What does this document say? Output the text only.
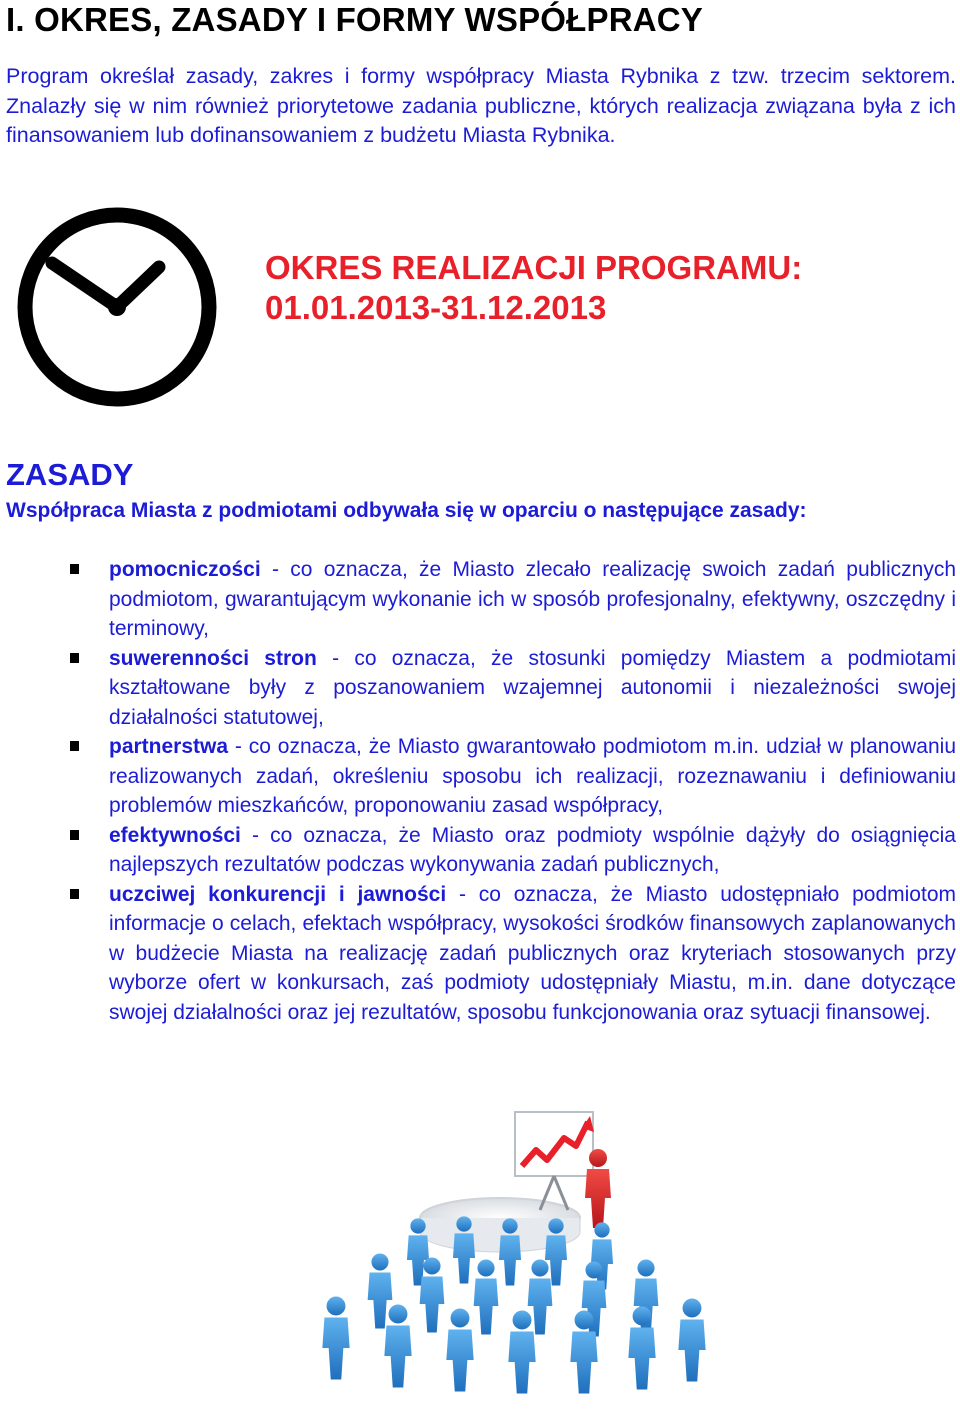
I. OKRES, ZASADY I FORMY WSPÓŁPRACY

Program określał zasady, zakres i formy współpracy Miasta Rybnika z tzw. trzecim sektorem. Znalazły się w nim również priorytetowe zadania publiczne, których realizacja związana była z ich finansowaniem lub dofinansowaniem z budżetu Miasta Rybnika.

OKRES REALIZACJI PROGRAMU:

01.01.2013-31.12.2013

ZASADY

Współpraca Miasta z podmiotami odbywała się w oparciu o następujące zasady:

pomocniczości - co oznacza, że Miasto zlecało realizację swoich zadań publicznych podmiotom, gwarantującym wykonanie ich w sposób profesjonalny, efektywny, oszczędny i terminowy,
suwerenności stron - co oznacza, że stosunki pomiędzy Miastem a podmiotami kształtowane były z poszanowaniem wzajemnej autonomii i niezależności swojej działalności statutowej,
partnerstwa - co oznacza, że Miasto gwarantowało podmiotom m.in. udział w planowaniu realizowanych zadań, określeniu sposobu ich realizacji, rozeznawaniu i definiowaniu problemów mieszkańców, proponowaniu zasad współpracy,
efektywności - co oznacza, że Miasto oraz podmioty wspólnie dążyły do osiągnięcia najlepszych rezultatów podczas wykonywania zadań publicznych,
uczciwej konkurencji i jawności - co oznacza, że Miasto udostępniało podmiotom informacje o celach, efektach współpracy, wysokości środków finansowych zaplanowanych w budżecie Miasta na realizację zadań publicznych oraz kryteriach stosowanych przy wyborze ofert w konkursach, zaś podmioty udostępniały Miastu, m.in. dane dotyczące swojej działalności oraz jej rezultatów, sposobu funkcjonowania oraz sytuacji finansowej.
